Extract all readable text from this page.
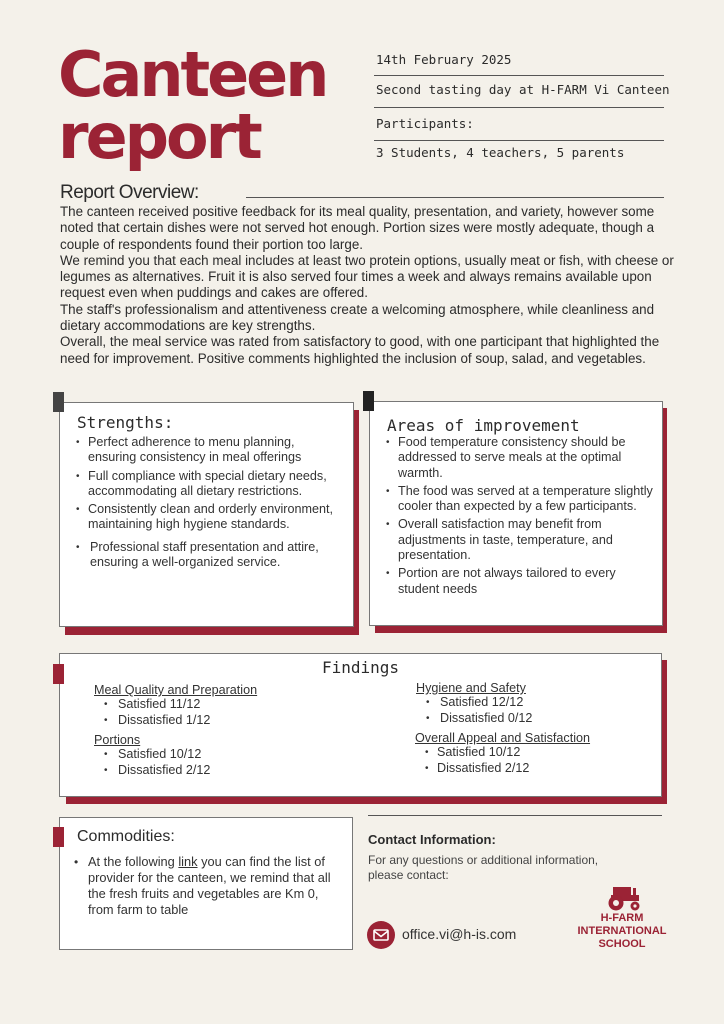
Canteen
report
14th February 2025
Second tasting day at H-FARM Vi Canteen
Participants:
3 Students, 4 teachers, 5 parents
Report Overview:

The canteen received positive feedback for its meal quality, presentation, and variety, however some noted that certain dishes were not served hot enough. Portion sizes were mostly adequate, though a couple of respondents found their portion too large.

We remind you that each meal includes at least two protein options, usually meat or fish, with cheese or legumes as alternatives. Fruit it is also served four times a week and always remains available upon request even when puddings and cakes are offered.

The staff's professionalism and attentiveness create a welcoming atmosphere, while cleanliness and dietary accommodations are key strengths.

Overall, the meal service was rated from satisfactory to good, with one participant that highlighted the need for improvement. Positive comments highlighted the inclusion of soup, salad, and vegetables.

Strengths:
• Perfect adherence to menu planning, ensuring consistency in meal offerings
• Full compliance with special dietary needs, accommodating all dietary restrictions.
• Consistently clean and orderly environment, maintaining high hygiene standards.
• Professional staff presentation and attire, ensuring a well-organized service.
Areas of improvement
• Food temperature consistency should be addressed to serve meals at the optimal warmth.
• The food was served at a temperature slightly cooler than expected by a few participants.
• Overall satisfaction may benefit from adjustments in taste, temperature, and presentation.
• Portion are not always tailored to every student needs
Findings
Meal Quality and Preparation
• Satisfied 11/12
• Dissatisfied 1/12
Portions
• Satisfied 10/12
• Dissatisfied 2/12
Hygiene and Safety
• Satisfied 12/12
• Dissatisfied 0/12
Overall Appeal and Satisfaction
• Satisfied 10/12
• Dissatisfied 2/12
Commodities:
• At the following link you can find the list of provider for the canteen, we remind that all the fresh fruits and vegetables are Km 0, from farm to table
Contact Information:
For any questions or additional information, please contact:
office.vi@h-is.com
H-FARM
INTERNATIONAL
SCHOOL
